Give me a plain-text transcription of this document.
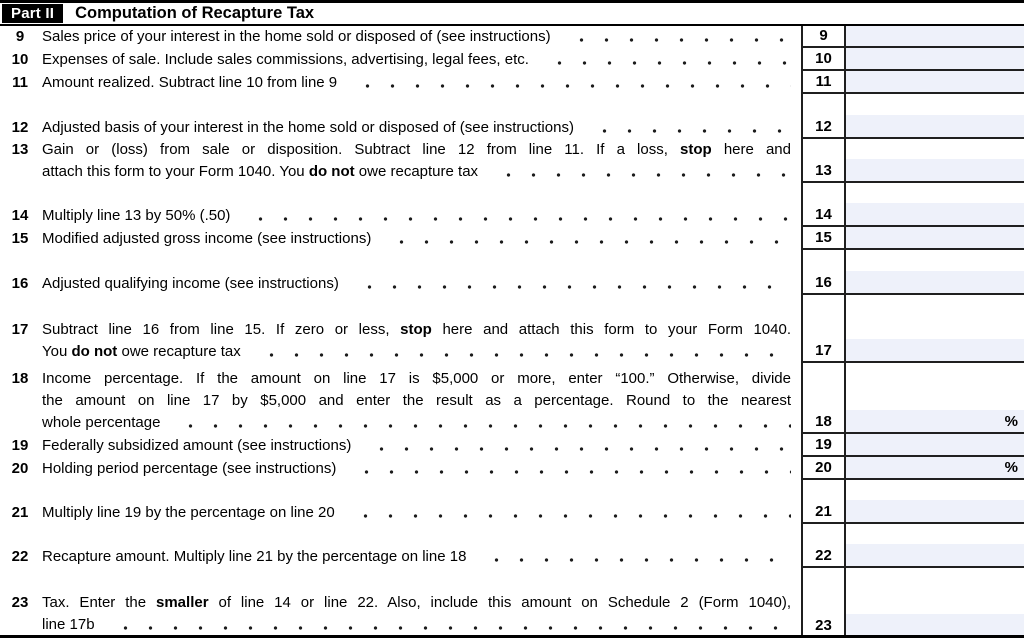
Part II	Computation of Recapture Tax
9	Sales price of your interest in the home sold or disposed of (see instructions)	9
10 Expenses of sale. Include sales commissions, advertising, legal fees, etc.	10
11 Amount realized. Subtract line 10 from line 9	11
12 Adjusted basis of your interest in the home sold or disposed of (see instructions)	12
13 Gain or (loss) from sale or disposition. Subtract line 12 from line 11. If a loss, stop here and
attach this form to your Form 1040. You do not owe recapture tax	13
14 Multiply line 13 by 50% (.50)	14
15 Modified adjusted gross income (see instructions)	15
16 Adjusted qualifying income (see instructions)	16
17 Subtract line 16 from line 15. If zero or less, stop here and attach this form to your Form 1040.
You do not owe recapture tax	17
18 Income percentage. If the amount on line 17 is $5,000 or more, enter “100.” Otherwise, divide
the amount on line 17 by $5,000 and enter the result as a percentage. Round to the nearest
whole percentage	18	%
19 Federally subsidized amount (see instructions)	19
20 Holding period percentage (see instructions)	20	%
21 Multiply line 19 by the percentage on line 20	21
22 Recapture amount. Multiply line 21 by the percentage on line 18	22
23 Tax. Enter the smaller of line 14 or line 22. Also, include this amount on Schedule 2 (Form 1040),
line 17b	23
